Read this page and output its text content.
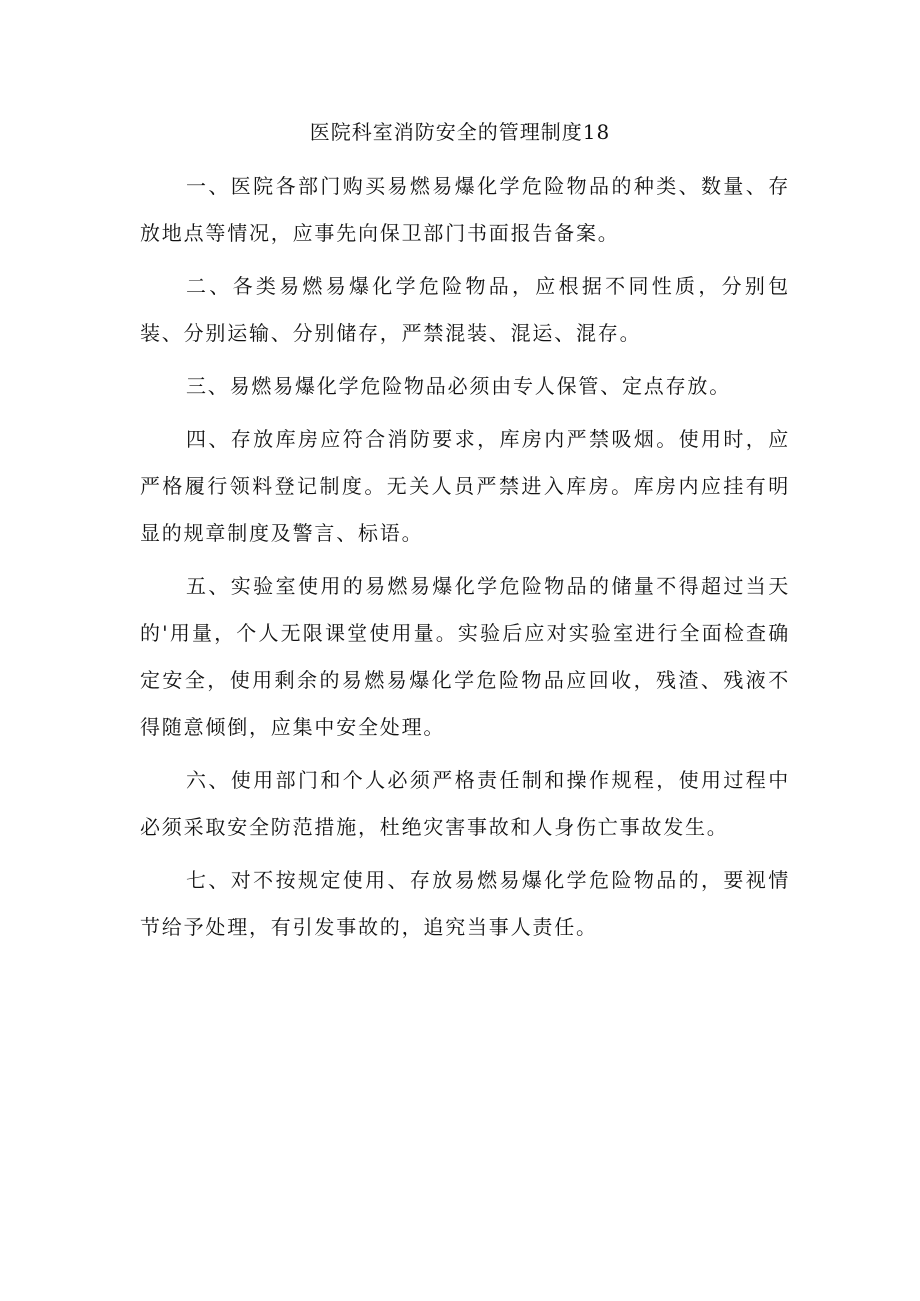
医院科室消防安全的管理制度18

一、医院各部门购买易燃易爆化学危险物品的种类、数量、存放地点等情况，应事先向保卫部门书面报告备案。

二、各类易燃易爆化学危险物品，应根据不同性质，分别包装、分别运输、分别储存，严禁混装、混运、混存。

三、易燃易爆化学危险物品必须由专人保管、定点存放。

四、存放库房应符合消防要求，库房内严禁吸烟。使用时，应严格履行领料登记制度。无关人员严禁进入库房。库房内应挂有明显的规章制度及警言、标语。

五、实验室使用的易燃易爆化学危险物品的储量不得超过当天的'用量，个人无限课堂使用量。实验后应对实验室进行全面检查确定安全，使用剩余的易燃易爆化学危险物品应回收，残渣、残液不得随意倾倒，应集中安全处理。

六、使用部门和个人必须严格责任制和操作规程，使用过程中必须采取安全防范措施，杜绝灾害事故和人身伤亡事故发生。

七、对不按规定使用、存放易燃易爆化学危险物品的，要视情节给予处理，有引发事故的，追究当事人责任。
